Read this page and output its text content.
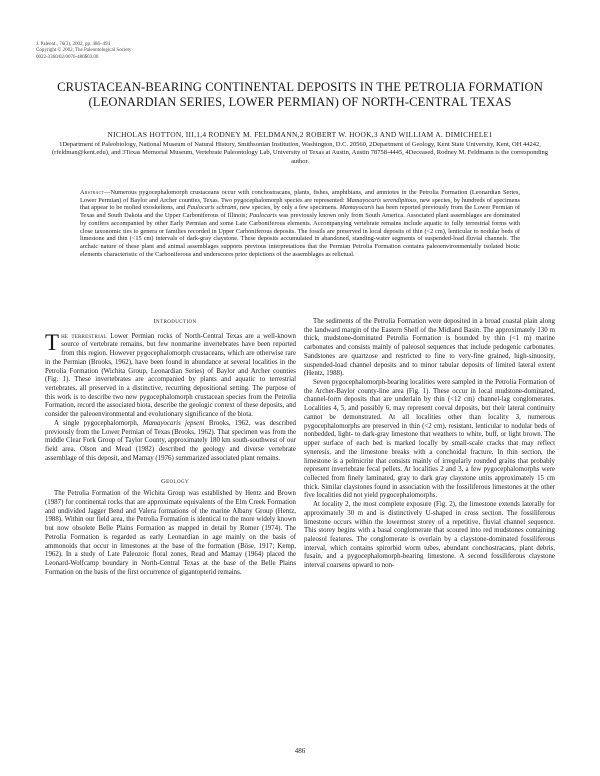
J. Paleont., 76(3), 2002, pp. 486–494
Copyright © 2002, The Paleontological Society
0022-3360/02/0076-486$03.00
CRUSTACEAN-BEARING CONTINENTAL DEPOSITS IN THE PETROLIA FORMATION (LEONARDIAN SERIES, LOWER PERMIAN) OF NORTH-CENTRAL TEXAS
NICHOLAS HOTTON, III,1,4 RODNEY M. FELDMANN,2 ROBERT W. HOOK,3 AND WILLIAM A. DIMICHELE1
1Department of Paleobiology, National Museum of Natural History, Smithsonian Institution, Washington, D.C. 20560, 2Department of Geology, Kent State University, Kent, OH 44242, (rfeldman@kent.edu), and 3Texas Memorial Museum, Vertebrate Paleontology Lab, University of Texas at Austin, Austin 78758-4445, 4Deceased, Rodney M. Feldmann is the corresponding author.
Abstract—Numerous pygocephalomorph crustaceans occur with conchostracans, plants, fishes, amphibians, and amniotes in the Petrolia Formation (Leonardian Series, Lower Permian) of Baylor and Archer counties, Texas. Two pygocephalomorph species are represented: Mamayocaris serendipitous, new species, by hundreds of specimens that appear to be molted exoskeltons, and Paulocaris schrami, new species, by only a few specimens. Mamayocaris has been reported previously from the Lower Permian of Texas and South Dakota and the Upper Carboniferous of Illinois; Paulocaris was previously known only from South America. Associated plant assemblages are dominated by conifers accompanied by other Early Permian and some Late Carboniferous elements. Accompanying vertebrate remains include aquatic to fully terrestrial forms with close taxonomic ties to genera or families recorded in Upper Carboniferous deposits. The fossils are preserved in local deposits of thin (<2 cm), lenticular to nodular beds of limestone and thin (<15 cm) intervals of dark-gray claystone. These deposits accumulated in abandoned, standing-water segments of suspended-load fluvial channels. The archaic nature of these plant and animal assemblages supports previous interpretations that the Permian Petrolia Formation contains paleoenvironmentally isolated biotic elements characteristic of the Carboniferous and underscores prior depictions of the assemblages as relictual.

Introduction

The terrestrial Lower Permian rocks of North-Central Texas are a well-known source of vertebrate remains, but few nonmarine invertebrates have been reported from this region. However pygocephalomorph crustaceans, which are otherwise rare in the Permian (Brooks, 1962), have been found in abundance at several localities in the Petrolia Formation (Wichita Group, Leonardian Series) of Baylor and Archer counties (Fig. 1). These invertebrates are accompanied by plants and aquatic to terrestrial vertebrates, all preserved in a distinctive, recurring depositional setting. The purpose of this work is to describe two new pygocephalomorph crustacean species from the Petrolia Formation, record the associated biota, describe the geologic context of these deposits, and consider the paleoenvironmental and evolutionary significance of the biota.

A single pygocephalomorph, Mamayocaris jepseni Brooks, 1962, was described previously from the Lower Permian of Texas (Brooks, 1962). That specimen was from the middle Clear Fork Group of Taylor County, approximately 180 km south-southwest of our field area. Olson and Mead (1982) described the geology and diverse vertebrate assemblage of this deposit, and Mamay (1976) summarized associated plant remains.

Geology

The Petrolia Formation of the Wichita Group was established by Hentz and Brown (1987) for continental rocks that are approximate equivalents of the Elm Creek Formation and undivided Jagger Bend and Valera formations of the marine Albany Group (Hentz, 1988). Within our field area, the Petrolia Formation is identical to the more widely known but now obsolete Belle Plains Formation as mapped in detail by Romer (1974). The Petrolia Formation is regarded as early Leonardian in age mainly on the basis of ammonoids that occur in limestones at the base of the formation (Böse, 1917; Kemp, 1962). In a study of Late Paleozoic floral zones, Read and Mamay (1964) placed the Leonard-Wolfcamp boundary in North-Central Texas at the base of the Belle Plains Formation on the basis of the first occurrence of gigantopterid remains.

The sediments of the Petrolia Formation were deposited in a broad coastal plain along the landward margin of the Eastern Shelf of the Midland Basin. The approximately 130 m thick, mudstone-dominated Petrolia Formation is bounded by thin (<1 m) marine carbonates and consists mainly of paleosol sequences that include pedogenic carbonates. Sandstones are quartzose and restricted to fine to very-fine grained, high-sinuosity, suspended-load channel deposits and to minor tabular deposits of limited lateral extent (Hentz, 1988).

Seven pygocephalomorph-bearing localities were sampled in the Petrolia Formation of the Archer-Baylor county-line area (Fig. 1). These occur in local mudstone-dominated, channel-form deposits that are underlain by thin (<12 cm) channel-lag conglomerates. Localities 4, 5, and possibly 6, may represent coeval deposits, but their lateral continuity cannot be demonstrated. At all localities other than locality 3, numerous pygocephalomorphs are preserved in thin (<2 cm), resistant, lenticular to nodular beds of nonbedded, light- to dark-gray limestone that weathers to white, buff, or light brown. The upper surface of each bed is marked locally by small-scale cracks that may reflect syneresis, and the limestone breaks with a conchoidal fracture. In thin section, the limestone is a pelmicrite that consists mainly of irregularly rounded grains that probably represent invertebrate fecal pellets. At localities 2 and 3, a few pygocephalomorphs were collected from finely laminated, gray to dark gray claystone units approximately 15 cm thick. Similar claystones found in association with the fossiliferous limestones at the other five localities did not yield pygocephalomorphs.

At locality 2, the most complete exposure (Fig. 2), the limestone extends laterally for approximately 30 m and is distinctively U-shaped in cross section. The fossiliferous limestone occurs within the lowermost storey of a repetitive, fluvial channel sequence. This storey begins with a basal conglomerate that scoured into red mudstones containing paleosol features. The conglomerate is overlain by a claystone-dominated fossiliferous interval, which contains spirorbid worm tubes, abundant conchostracans, plant debris, fusain, and a pygocephalomorph-bearing limestone. A second fossiliferous claystone interval coarsens upward to non-

486
